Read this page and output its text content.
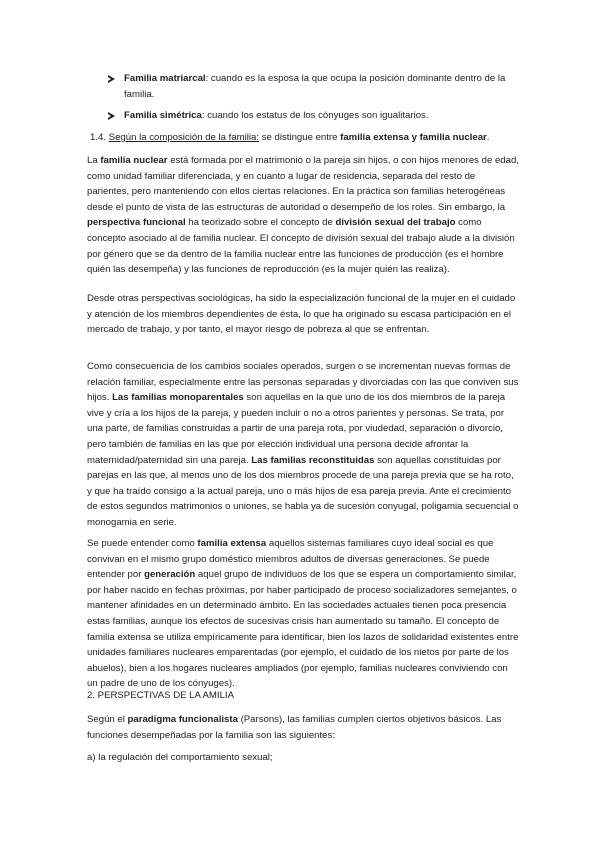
Familia matriarcal: cuando es la esposa la que ocupa la posición dominante dentro de la familia.
Familia simétrica: cuando los estatus de los cónyuges son igualitarios.

1.4. Según la composición de la familia: se distingue entre familia extensa y familia nuclear.

La familia nuclear está formada por el matrimonio o la pareja sin hijos, o con hijos menores de edad, como unidad familiar diferenciada, y en cuanto a lugar de residencia, separada del resto de parientes, pero manteniendo con ellos ciertas relaciones. En la práctica son familias heterogéneas desde el punto de vista de las estructuras de autoridad o desempeño de los roles. Sin embargo, la perspectiva funcional ha teorizado sobre el concepto de división sexual del trabajo como concepto asociado al de familia nuclear. El concepto de división sexual del trabajo alude a la división por género que se da dentro de la familia nuclear entre las funciones de producción (es el hombre quién las desempeña) y las funciones de reproducción (es la mujer quién las realiza).

Desde otras perspectivas sociológicas, ha sido la especialización funcional de la mujer en el cuidado y atención de los miembros dependientes de ésta, lo que ha originado su escasa participación en el mercado de trabajo, y por tanto, el mayor riesgo de pobreza al que se enfrentan.

Como consecuencia de los cambios sociales operados, surgen o se incrementan nuevas formas de relación familiar, especialmente entre las personas separadas y divorciadas con las que conviven sus hijos. Las familias monoparentales son aquellas en la que uno de los dos miembros de la pareja vive y cría a los hijos de la pareja, y pueden incluir o no a otros parientes y personas. Se trata, por una parte, de familias construidas a partir de una pareja rota, por viudedad, separación o divorcio, pero también de familias en las que por elección individual una persona decide afrontar la maternidad/paternidad sin una pareja. Las familias reconstituidas son aquellas constituidas por parejas en las que, al menos uno de los dos miembros procede de una pareja previa que se ha roto, y que ha traído consigo a la actual pareja, uno o más hijos de esa pareja previa. Ante el crecimiento de estos segundos matrimonios o uniones, se habla ya de sucesión conyugal, poligamia secuencial o monogamia en serie.

Se puede entender como familia extensa aquellos sistemas familiares cuyo ideal social es que convivan en el mismo grupo doméstico miembros adultos de diversas generaciones. Se puede entender por generación aquel grupo de individuos de los que se espera un comportamiento similar, por haber nacido en fechas próximas, por haber participado de proceso socializadores semejantes, o mantener afinidades en un determinado ámbito. En las sociedades actuales tienen poca presencia estas familias, aunque los efectos de sucesivas crisis han aumentado su tamaño. El concepto de familia extensa se utiliza empíricamente para identificar, bien los lazos de solidaridad existentes entre unidades familiares nucleares emparentadas (por ejemplo, el cuidado de los nietos por parte de los abuelos), bien a los hogares nucleares ampliados (por ejemplo, familias nucleares conviviendo con un padre de uno de los cónyuges).

2. PERSPECTIVAS DE LA AMILIA

Según el paradigma funcionalista (Parsons), las familias cumplen ciertos objetivos básicos. Las funciones desempeñadas por la familia son las siguientes:

a) la regulación del comportamiento sexual;
